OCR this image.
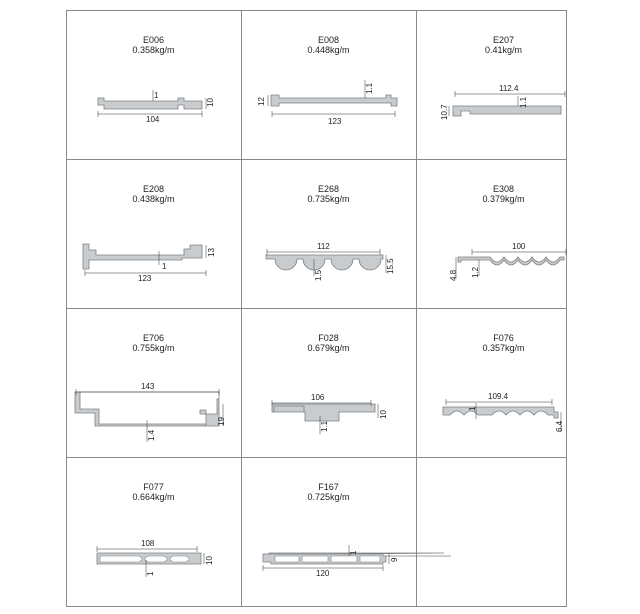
E006
0.358kg/m
104
1
10
E008
0.448kg/m
123
12
1.1
E207
0.41kg/m
112.4
10.7
1.1
E208
0.438kg/m
123
1
13
E268
0.735kg/m
112
1.5
15.5
E308
0.379kg/m
100
4.8 1.2
E706
0.755kg/m
143
1.4
19
F028
0.679kg/m
106
1.1
10
F076
0.357kg/m
109.4
1
6.4
F077
0.664kg/m
108
1
10
F167
0.725kg/m
120
1
9
